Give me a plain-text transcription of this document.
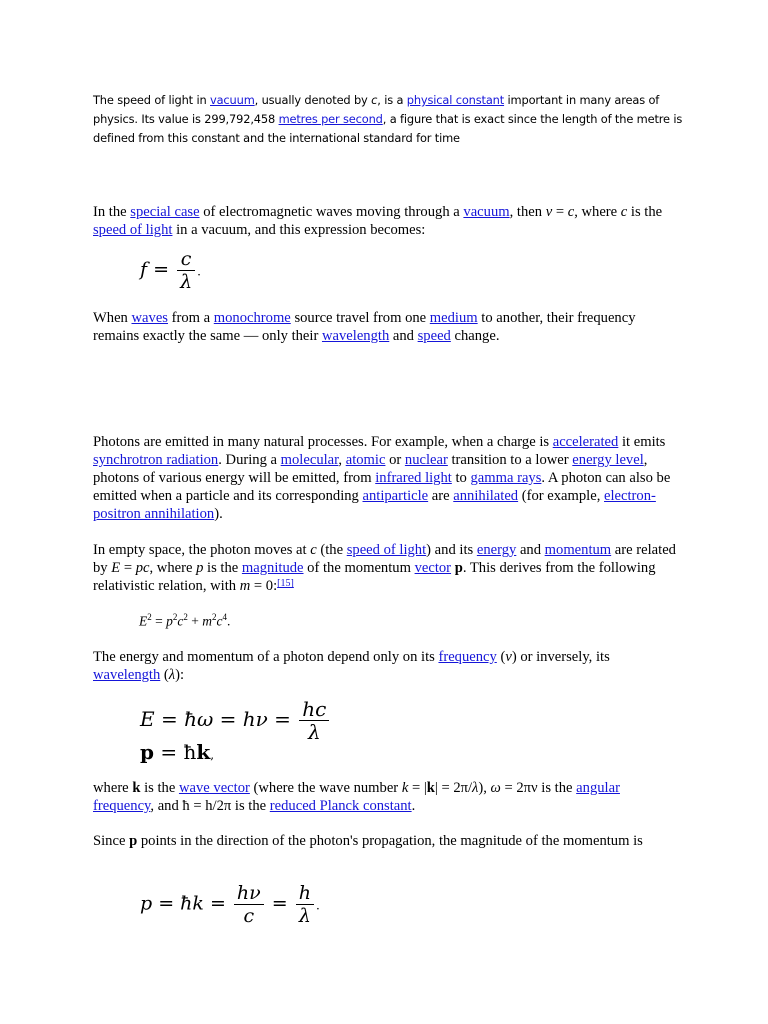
The speed of light in vacuum, usually denoted by c, is a physical constant important in many areas of physics. Its value is 299,792,458 metres per second, a figure that is exact since the length of the metre is defined from this constant and the international standard for time
In the special case of electromagnetic waves moving through a vacuum, then v = c, where c is the speed of light in a vacuum, and this expression becomes:
$f = \frac{c}{\lambda}$ .
When waves from a monochrome source travel from one medium to another, their frequency remains exactly the same — only their wavelength and speed change.
Photons are emitted in many natural processes. For example, when a charge is accelerated it emits synchrotron radiation. During a molecular, atomic or nuclear transition to a lower energy level, photons of various energy will be emitted, from infrared light to gamma rays. A photon can also be emitted when a particle and its corresponding antiparticle are annihilated (for example, electron-positron annihilation).
In empty space, the photon moves at c (the speed of light) and its energy and momentum are related by E = pc, where p is the magnitude of the momentum vector p. This derives from the following relativistic relation, with m = 0:[15]
$E^2 = p^2c^2 + m^2c^4$.
The energy and momentum of a photon depend only on its frequency (ν) or inversely, its wavelength (λ):
E = ħω = $h\nu = \frac{hc}{\lambda}$
p = ħk,
where k is the wave vector (where the wave number k = |k| = 2π/λ), ω = 2πν is the angular frequency, and ħ = h/2π is the reduced Planck constant.
Since p points in the direction of the photon's propagation, the magnitude of the momentum is
p = ħk = $\frac{h\nu}{c} = \frac{h}{\lambda}$ .
